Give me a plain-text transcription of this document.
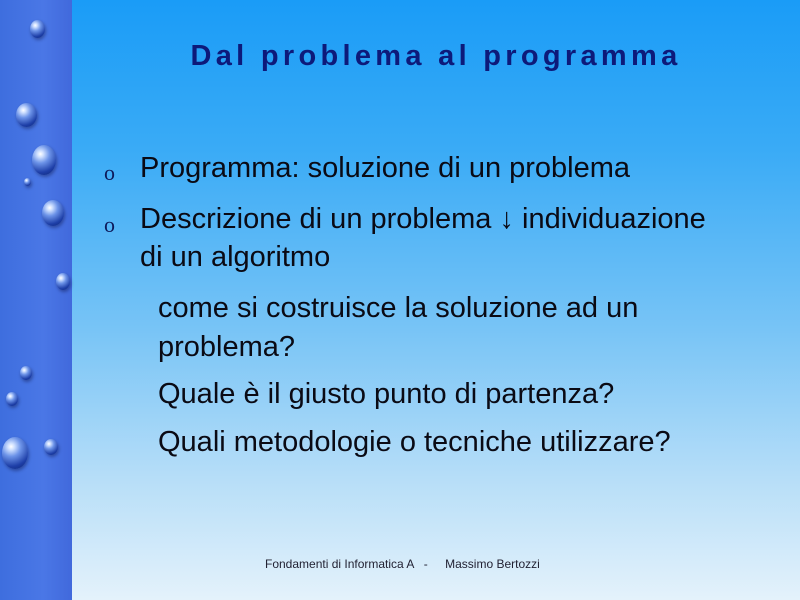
Dal problema al programma
o Programma: soluzione di un problema
o Descrizione di un problema ↓ individuazione
di un algoritmo
come si costruisce la soluzione ad un
problema?
Quale è il giusto punto di partenza?
Quali metodologie o tecniche utilizzare?
Fondamenti di Informatica A - Massimo Bertozzi
